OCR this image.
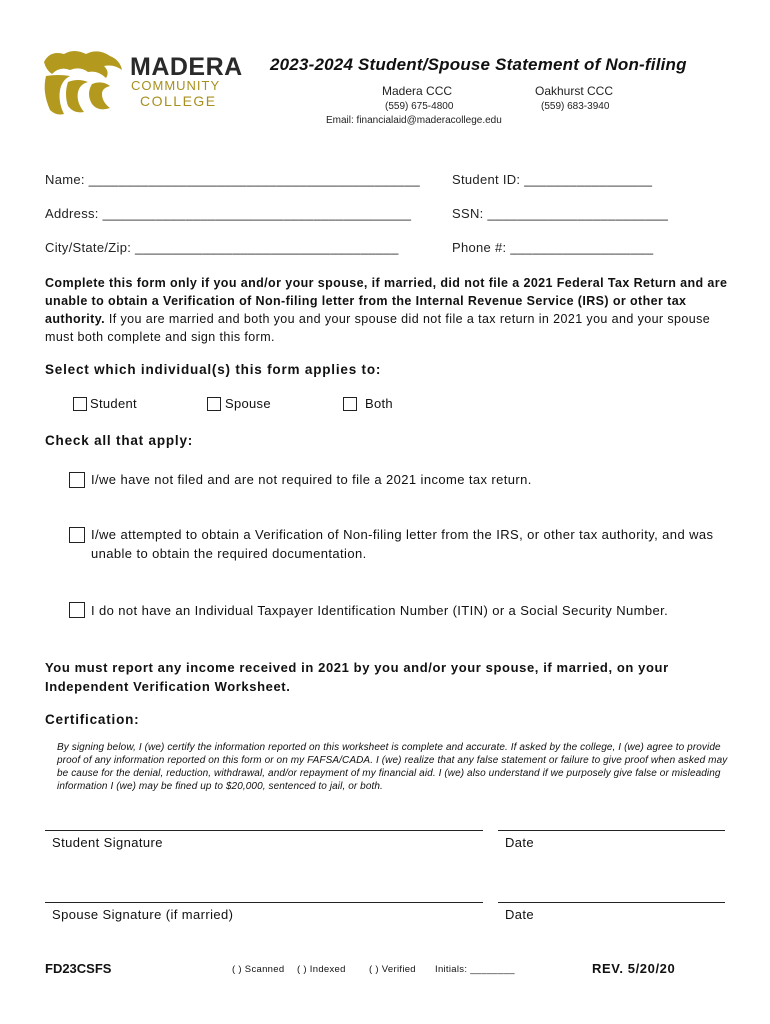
MADERA
COMMUNITY
COLLEGE
2023-2024 Student/Spouse Statement of Non-filing
Madera CCC
(559) 675-4800
Oakhurst CCC
(559) 683-3940
Email: financialaid@maderacollege.edu
Name: ____________________________________________ Student ID: _________________
Address: _________________________________________	SSN: ________________________
City/State/Zip: ___________________________________	Phone #: ___________________
Complete this form only if you and/or your spouse, if married, did not file a 2021 Federal Tax Return and are unable to obtain a Verification of Non-filing letter from the Internal Revenue Service (IRS) or other tax authority. If you are married and both you and your spouse did not file a tax return in 2021 you and your spouse must both complete and sign this form.
Select which individual(s) this form applies to:
Student	Spouse	Both
Check all that apply:
I/we have not filed and are not required to file a 2021 income tax return.
I/we attempted to obtain a Verification of Non-filing letter from the IRS, or other tax authority, and was unable to obtain the required documentation.
I do not have an Individual Taxpayer Identification Number (ITIN) or a Social Security Number.
You must report any income received in 2021 by you and/or your spouse, if married, on your Independent Verification Worksheet.
Certification:
By signing below, I (we) certify the information reported on this worksheet is complete and accurate. If asked by the college, I (we) agree to provide proof of any information reported on this form or on my FAFSA/CADA. I (we) realize that any false statement or failure to give proof when asked may be cause for the denial, reduction, withdrawal, and/or repayment of my financial aid. I (we) also understand if we purposely give false or misleading information I (we) may be fined up to $20,000, sentenced to jail, or both.
Student Signature	Date
Spouse Signature (if married)	Date
FD23CSFS	( ) Scanned ( ) Indexed ( ) Verified Initials: ________	REV. 5/20/20
